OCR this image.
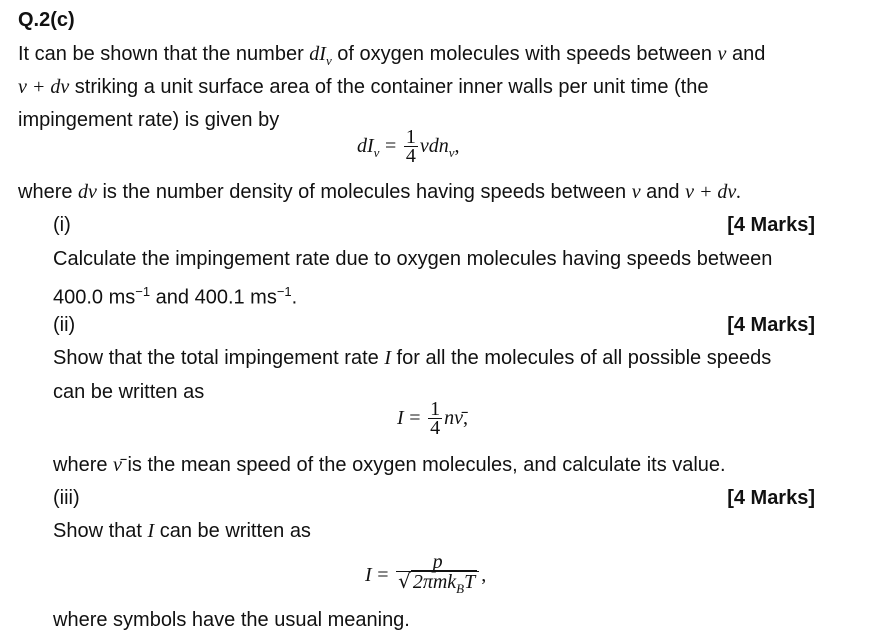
Q.2(c)
It can be shown that the number $dI_\nu$ of oxygen molecules with speeds between ν and
ν + dν striking a unit surface area of the container inner walls per unit time (the
impingement rate) is given by
$dI_\nu = \frac{1}{4} \nu dn_\nu$,
where dν is the number density of molecules having speeds between ν and ν + dν.
(i)	[4 Marks]
Calculate the impingement rate due to oxygen molecules having speeds between
400.0 $ms^{-1}$ and 400.1 $ms^{-1}$.
(ii)	[4 Marks]
Show that the total impingement rate I for all the molecules of all possible speeds
can be written as
$I = \frac{1}{4}$ nν̄,
where ν̄ is the mean speed of the oxygen molecules, and calculate its value.
(iii)	[4 Marks]
Show that I can be written as
$I = \frac{p}{√ 2\pi mk_BT}$ ,
where symbols have the usual meaning.
